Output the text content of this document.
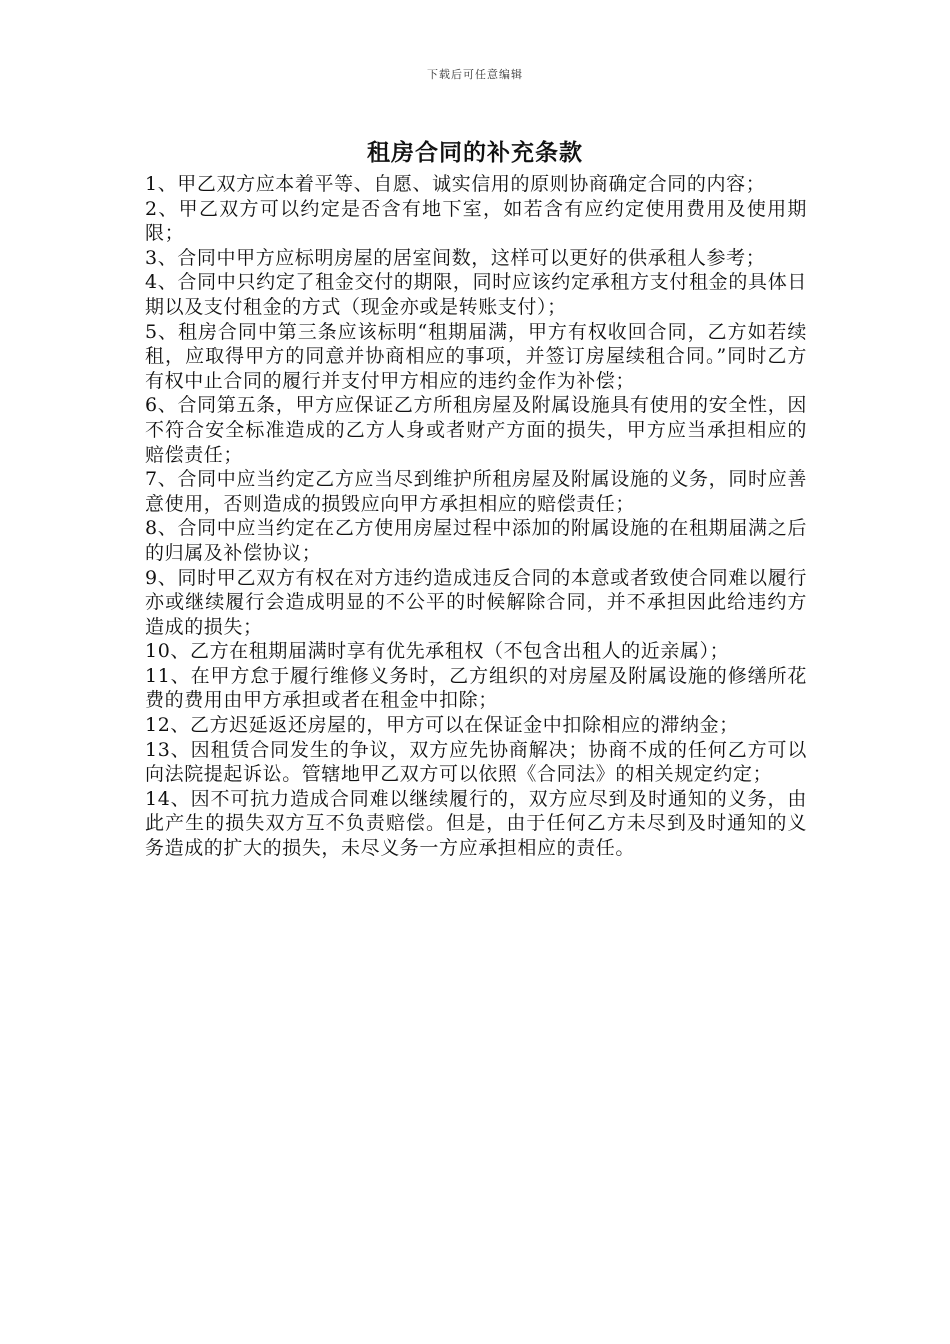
下载后可任意编辑
租房合同的补充条款

1、甲乙双方应本着平等、自愿、诚实信用的原则协商确定合同的内容；

2、甲乙双方可以约定是否含有地下室，如若含有应约定使用费用及使用期限；

3、合同中甲方应标明房屋的居室间数，这样可以更好的供承租人参考；

4、合同中只约定了租金交付的期限，同时应该约定承租方支付租金的具体日期以及支付租金的方式（现金亦或是转账支付）；

5、租房合同中第三条应该标明“租期届满，甲方有权收回合同，乙方如若续租，应取得甲方的同意并协商相应的事项，并签订房屋续租合同。”同时乙方有权中止合同的履行并支付甲方相应的违约金作为补偿；

6、合同第五条，甲方应保证乙方所租房屋及附属设施具有使用的安全性，因不符合安全标准造成的乙方人身或者财产方面的损失，甲方应当承担相应的赔偿责任；

7、合同中应当约定乙方应当尽到维护所租房屋及附属设施的义务，同时应善意使用，否则造成的损毁应向甲方承担相应的赔偿责任；

8、合同中应当约定在乙方使用房屋过程中添加的附属设施的在租期届满之后的归属及补偿协议；

9、同时甲乙双方有权在对方违约造成违反合同的本意或者致使合同难以履行亦或继续履行会造成明显的不公平的时候解除合同，并不承担因此给违约方造成的损失；

10、乙方在租期届满时享有优先承租权（不包含出租人的近亲属）；

11、在甲方怠于履行维修义务时，乙方组织的对房屋及附属设施的修缮所花费的费用由甲方承担或者在租金中扣除；

12、乙方迟延返还房屋的，甲方可以在保证金中扣除相应的滞纳金；

13、因租赁合同发生的争议，双方应先协商解决；协商不成的任何乙方可以向法院提起诉讼。管辖地甲乙双方可以依照《合同法》的相关规定约定；

14、因不可抗力造成合同难以继续履行的，双方应尽到及时通知的义务，由此产生的损失双方互不负责赔偿。但是，由于任何乙方未尽到及时通知的义务造成的扩大的损失，未尽义务一方应承担相应的责任。
